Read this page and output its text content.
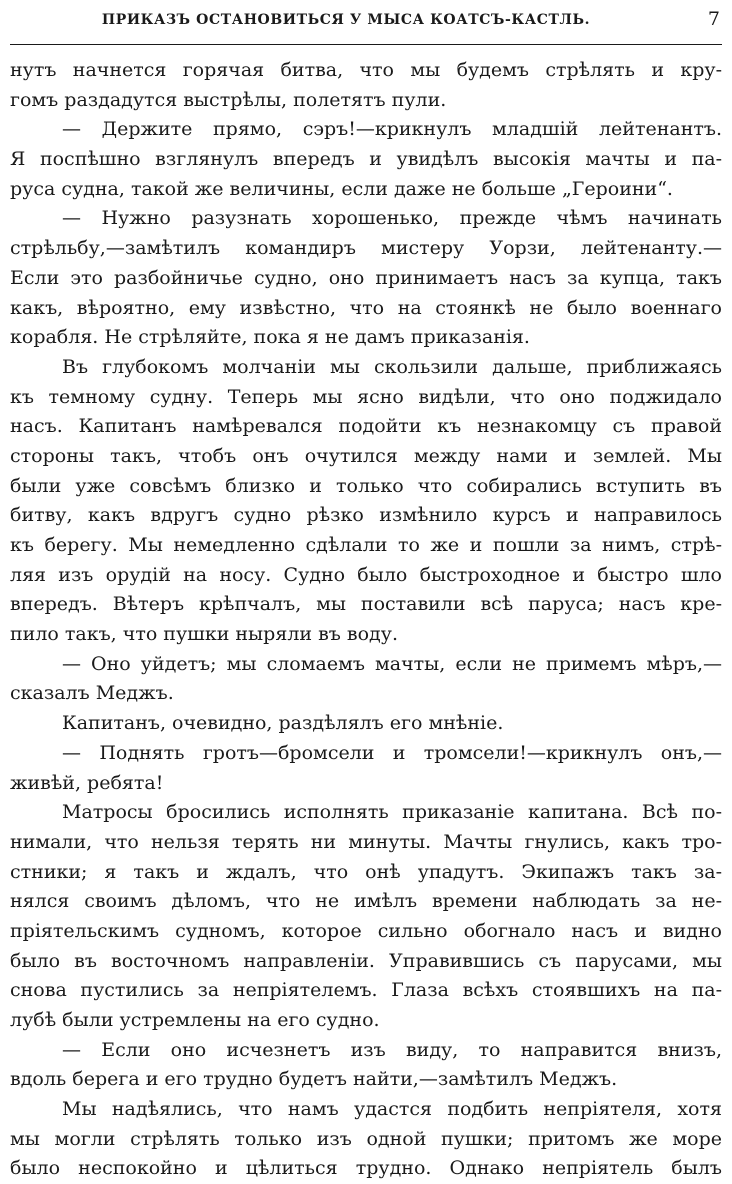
ПРИКАЗЪ ОСТАНОВИТЬСЯ У МЫСА КОАТСЪ-КАСТЛЬ.	7
нутъ начнется горячая битва, что мы будемъ стрѣлять и кру-
гомъ раздадутся выстрѣлы, полетятъ пули.
— Держите прямо, сэръ!—крикнулъ младшій лейтенантъ.
Я поспѣшно взглянулъ впередъ и увидѣлъ высокія мачты и па-
руса судна, такой же величины, если даже не больше „Героини“.
— Нужно разузнать хорошенько, прежде чѣмъ начинать
стрѣльбу,—замѣтилъ командиръ мистеру Уорзи, лейтенанту.—
Если это разбойничье судно, оно принимаетъ насъ за купца, такъ
какъ, вѣроятно, ему извѣстно, что на стоянкѣ не было военнаго
корабля. Не стрѣляйте, пока я не дамъ приказанія.
Въ глубокомъ молчаніи мы скользили дальше, приближаясь
къ темному судну. Теперь мы ясно видѣли, что оно поджидало
насъ. Капитанъ намѣревался подойти къ незнакомцу съ правой
стороны такъ, чтобъ онъ очутился между нами и землей. Мы
были уже совсѣмъ близко и только что собирались вступить въ
битву, какъ вдругъ судно рѣзко измѣнило курсъ и направилось
къ берегу. Мы немедленно сдѣлали то же и пошли за нимъ, стрѣ-
ляя изъ орудій на носу. Судно было быстроходное и быстро шло
впередъ. Вѣтеръ крѣпчалъ, мы поставили всѣ паруса; насъ кре-
пило такъ, что пушки ныряли въ воду.
— Оно уйдетъ; мы сломаемъ мачты, если не примемъ мѣръ,—
сказалъ Меджъ.
Капитанъ, очевидно, раздѣлялъ его мнѣніе.
— Поднять гротъ—бромсели и тромсели!—крикнулъ онъ,—
живѣй, ребята!
Матросы бросились исполнять приказаніе капитана. Всѣ по-
нимали, что нельзя терять ни минуты. Мачты гнулись, какъ тро-
стники; я такъ и ждалъ, что онѣ упадутъ. Экипажъ такъ за-
нялся своимъ дѣломъ, что не имѣлъ времени наблюдать за не-
пріятельскимъ судномъ, которое сильно обогнало насъ и видно
было въ восточномъ направленіи. Управившись съ парусами, мы
снова пустились за непріятелемъ. Глаза всѣхъ стоявшихъ на па-
лубѣ были устремлены на его судно.
— Если оно исчезнетъ изъ виду, то направится внизъ,
вдоль берега и его трудно будетъ найти,—замѣтилъ Меджъ.
Мы надѣялись, что намъ удастся подбить непріятеля, хотя
мы могли стрѣлять только изъ одной пушки; притомъ же море
было неспокойно и цѣлиться трудно. Однако непріятель былъ
